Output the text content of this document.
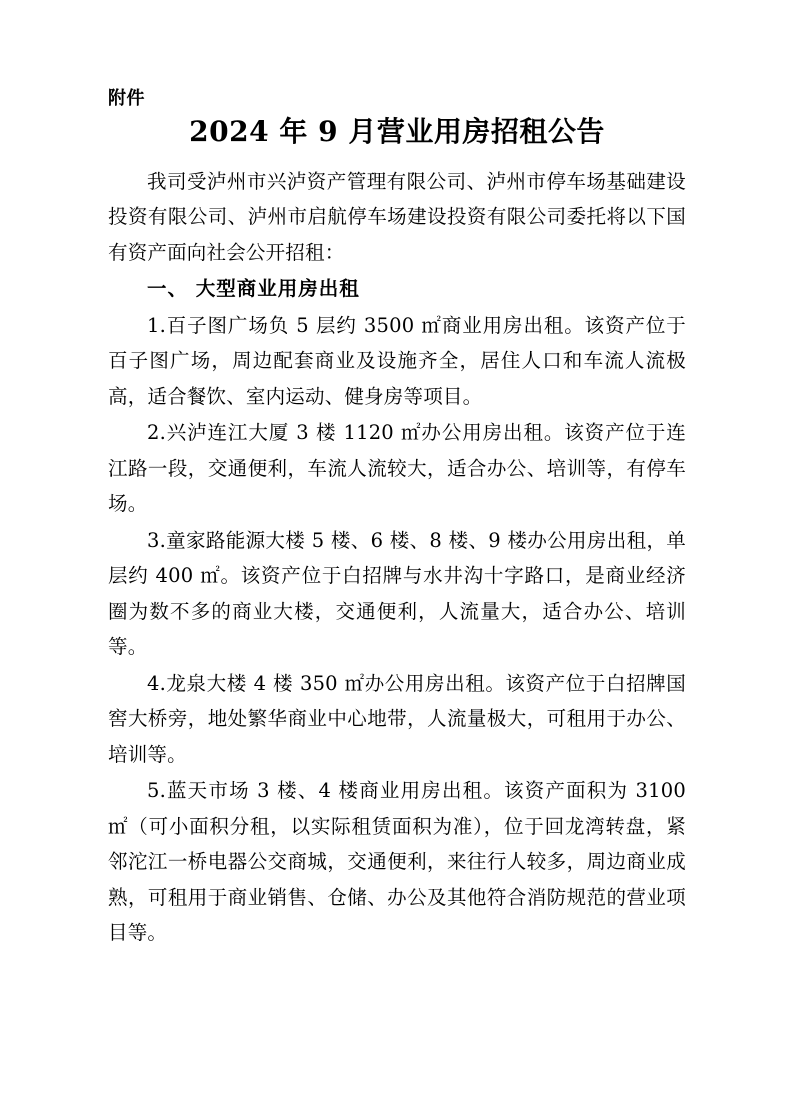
附件
2024 年 9 月营业用房招租公告

我司受泸州市兴泸资产管理有限公司、泸州市停车场基础建设投资有限公司、泸州市启航停车场建设投资有限公司委托将以下国有资产面向社会公开招租：

一、 大型商业用房出租

1.百子图广场负 5 层约 3500 ㎡商业用房出租。该资产位于百子图广场，周边配套商业及设施齐全，居住人口和车流人流极高，适合餐饮、室内运动、健身房等项目。

2.兴泸连江大厦 3 楼 1120 ㎡办公用房出租。该资产位于连江路一段，交通便利，车流人流较大，适合办公、培训等，有停车场。

3.童家路能源大楼 5 楼、6 楼、8 楼、9 楼办公用房出租，单层约 400 ㎡。该资产位于白招牌与水井沟十字路口，是商业经济圈为数不多的商业大楼，交通便利，人流量大，适合办公、培训等。

4.龙泉大楼 4 楼 350 ㎡办公用房出租。该资产位于白招牌国窖大桥旁，地处繁华商业中心地带，人流量极大，可租用于办公、培训等。

5.蓝天市场 3 楼、4 楼商业用房出租。该资产面积为 3100 ㎡（可小面积分租，以实际租赁面积为准），位于回龙湾转盘，紧邻沱江一桥电器公交商城，交通便利，来往行人较多，周边商业成熟，可租用于商业销售、仓储、办公及其他符合消防规范的营业项目等。
